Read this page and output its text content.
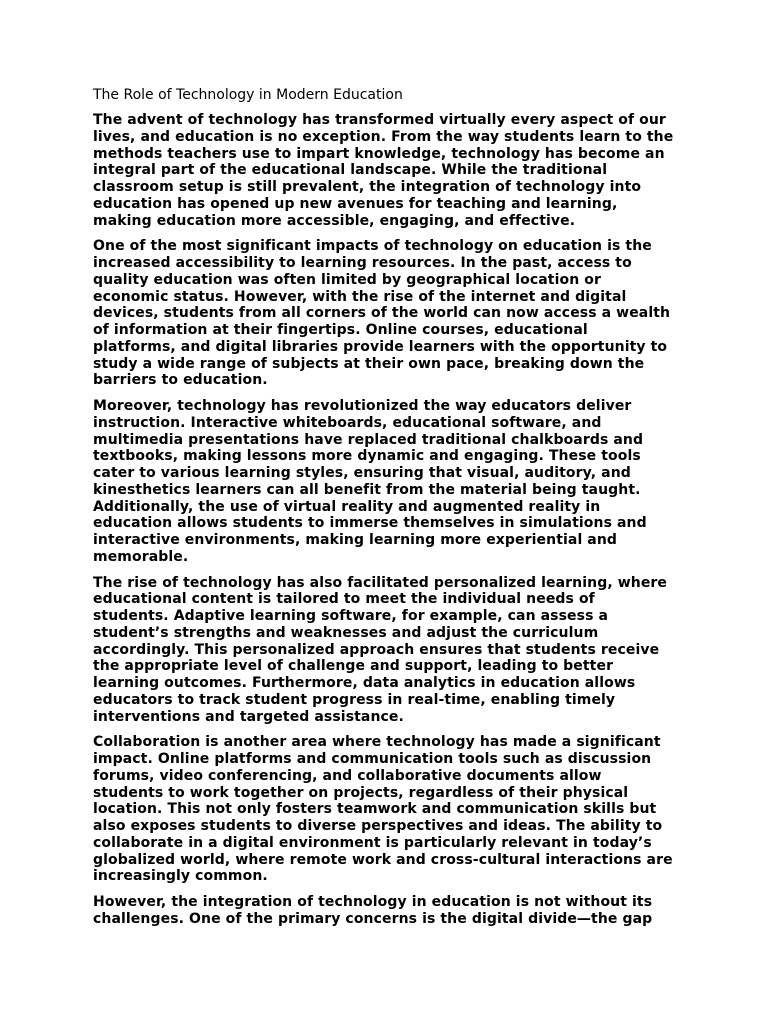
The Role of Technology in Modern Education

The advent of technology has transformed virtually every aspect of our
lives, and education is no exception. From the way students learn to the
methods teachers use to impart knowledge, technology has become an
integral part of the educational landscape. While the traditional
classroom setup is still prevalent, the integration of technology into
education has opened up new avenues for teaching and learning,
making education more accessible, engaging, and effective.

One of the most significant impacts of technology on education is the
increased accessibility to learning resources. In the past, access to
quality education was often limited by geographical location or
economic status. However, with the rise of the internet and digital
devices, students from all corners of the world can now access a wealth
of information at their fingertips. Online courses, educational
platforms, and digital libraries provide learners with the opportunity to
study a wide range of subjects at their own pace, breaking down the
barriers to education.

Moreover, technology has revolutionized the way educators deliver
instruction. Interactive whiteboards, educational software, and
multimedia presentations have replaced traditional chalkboards and
textbooks, making lessons more dynamic and engaging. These tools
cater to various learning styles, ensuring that visual, auditory, and
kinesthetics learners can all benefit from the material being taught.
Additionally, the use of virtual reality and augmented reality in
education allows students to immerse themselves in simulations and
interactive environments, making learning more experiential and
memorable.

The rise of technology has also facilitated personalized learning, where
educational content is tailored to meet the individual needs of
students. Adaptive learning software, for example, can assess a
student’s strengths and weaknesses and adjust the curriculum
accordingly. This personalized approach ensures that students receive
the appropriate level of challenge and support, leading to better
learning outcomes. Furthermore, data analytics in education allows
educators to track student progress in real-time, enabling timely
interventions and targeted assistance.

Collaboration is another area where technology has made a significant
impact. Online platforms and communication tools such as discussion
forums, video conferencing, and collaborative documents allow
students to work together on projects, regardless of their physical
location. This not only fosters teamwork and communication skills but
also exposes students to diverse perspectives and ideas. The ability to
collaborate in a digital environment is particularly relevant in today’s
globalized world, where remote work and cross-cultural interactions are
increasingly common.

However, the integration of technology in education is not without its
challenges. One of the primary concerns is the digital divide—the gap
